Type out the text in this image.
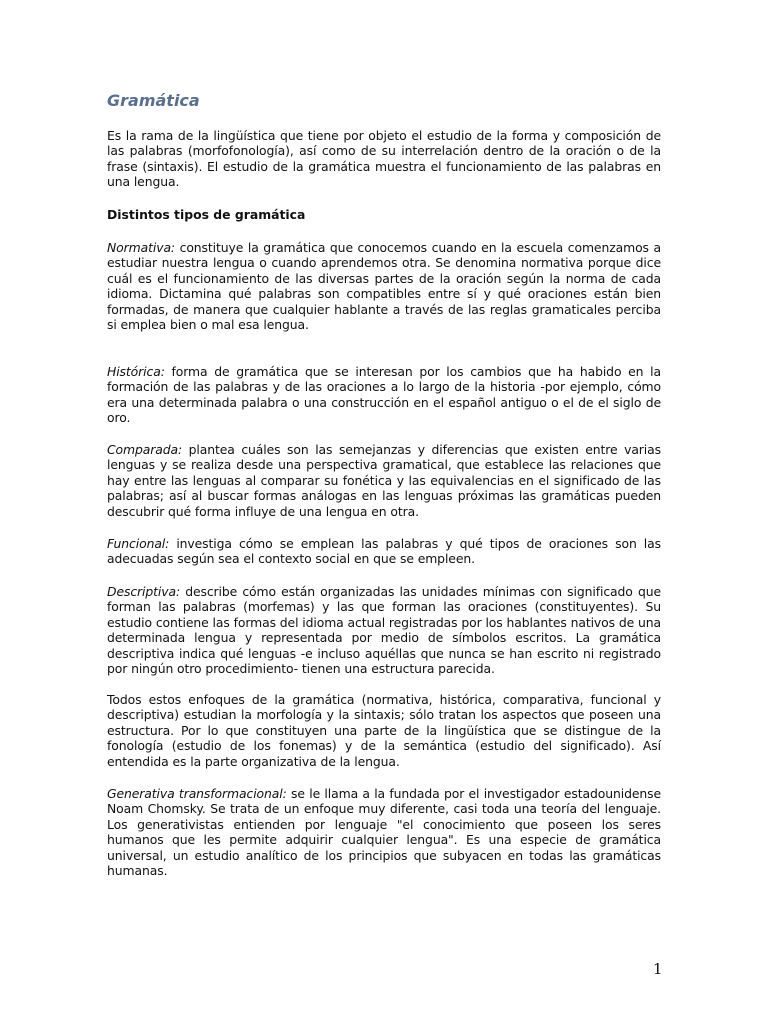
Gramática

Es la rama de la lingüística que tiene por objeto el estudio de la forma y composición de las palabras (morfofonología), así como de su interrelación dentro de la oración o de la frase (sintaxis). El estudio de la gramática muestra el funcionamiento de las palabras en una lengua.

Distintos tipos de gramática

Normativa: constituye la gramática que conocemos cuando en la escuela comenzamos a estudiar nuestra lengua o cuando aprendemos otra. Se denomina normativa porque dice cuál es el funcionamiento de las diversas partes de la oración según la norma de cada idioma. Dictamina qué palabras son compatibles entre sí y qué oraciones están bien formadas, de manera que cualquier hablante a través de las reglas gramaticales perciba si emplea bien o mal esa lengua.

Histórica: forma de gramática que se interesan por los cambios que ha habido en la formación de las palabras y de las oraciones a lo largo de la historia -por ejemplo, cómo era una determinada palabra o una construcción en el español antiguo o el de el siglo de oro.

Comparada: plantea cuáles son las semejanzas y diferencias que existen entre varias lenguas y se realiza desde una perspectiva gramatical, que establece las relaciones que hay entre las lenguas al comparar su fonética y las equivalencias en el significado de las palabras; así al buscar formas análogas en las lenguas próximas las gramáticas pueden descubrir qué forma influye de una lengua en otra.

Funcional: investiga cómo se emplean las palabras y qué tipos de oraciones son las adecuadas según sea el contexto social en que se empleen.

Descriptiva: describe cómo están organizadas las unidades mínimas con significado que forman las palabras (morfemas) y las que forman las oraciones (constituyentes). Su estudio contiene las formas del idioma actual registradas por los hablantes nativos de una determinada lengua y representada por medio de símbolos escritos. La gramática descriptiva indica qué lenguas -e incluso aquéllas que nunca se han escrito ni registrado por ningún otro procedimiento- tienen una estructura parecida.

Todos estos enfoques de la gramática (normativa, histórica, comparativa, funcional y descriptiva) estudian la morfología y la sintaxis; sólo tratan los aspectos que poseen una estructura. Por lo que constituyen una parte de la lingüística que se distingue de la fonología (estudio de los fonemas) y de la semántica (estudio del significado). Así entendida es la parte organizativa de la lengua.

Generativa transformacional: se le llama a la fundada por el investigador estadounidense Noam Chomsky. Se trata de un enfoque muy diferente, casi toda una teoría del lenguaje. Los generativistas entienden por lenguaje "el conocimiento que poseen los seres humanos que les permite adquirir cualquier lengua". Es una especie de gramática universal, un estudio analítico de los principios que subyacen en todas las gramáticas humanas.

1
